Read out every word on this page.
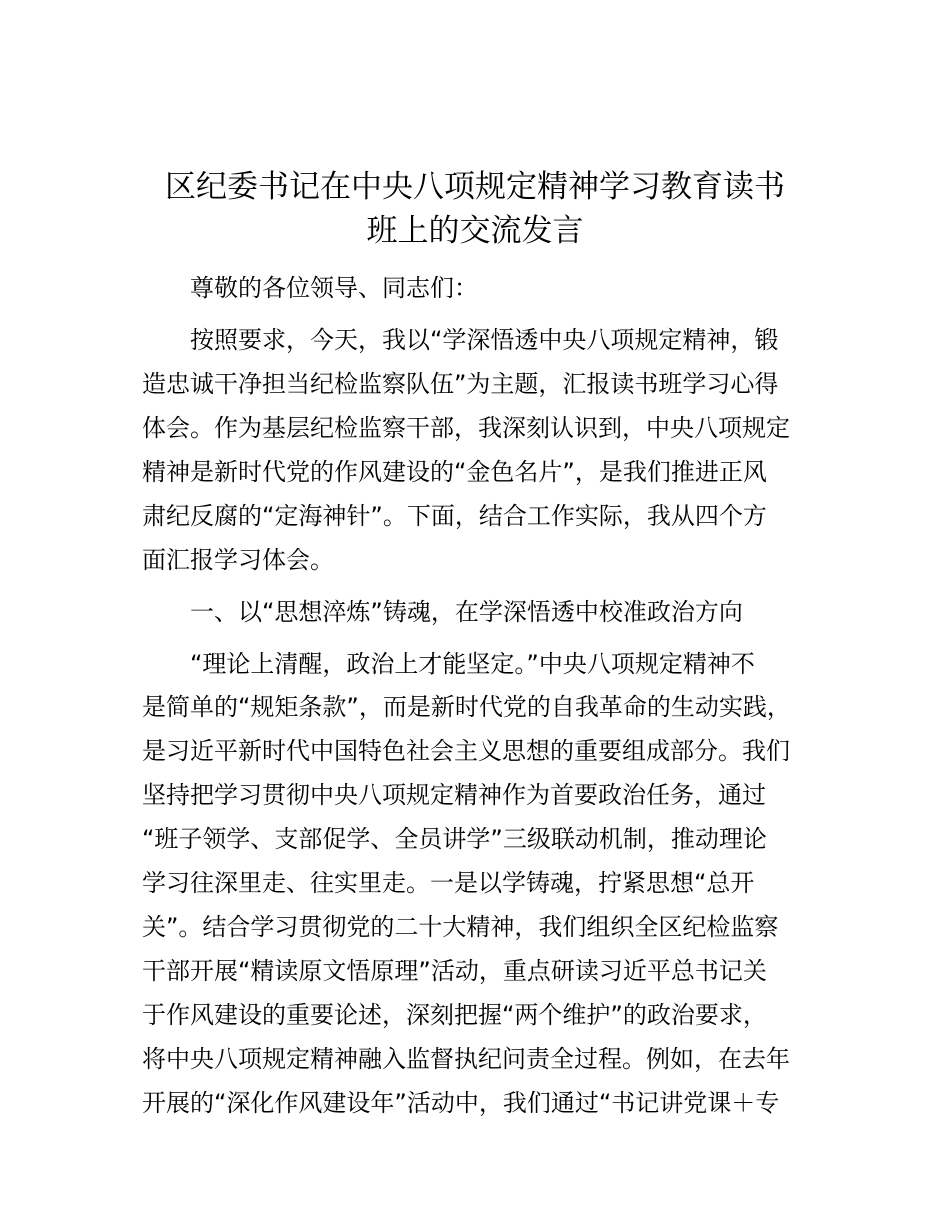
区纪委书记在中央八项规定精神学习教育读书
班上的交流发言
尊敬的各位领导、同志们：
按照要求，今天，我以“学深悟透中央八项规定精神，锻
造忠诚干净担当纪检监察队伍”为主题，汇报读书班学习心得
体会。作为基层纪检监察干部，我深刻认识到，中央八项规定
精神是新时代党的作风建设的“金色名片”，是我们推进正风
肃纪反腐的“定海神针”。下面，结合工作实际，我从四个方
面汇报学习体会。
一、以“思想淬炼”铸魂，在学深悟透中校准政治方向
“理论上清醒，政治上才能坚定。”中央八项规定精神不
是简单的“规矩条款”，而是新时代党的自我革命的生动实践，
是习近平新时代中国特色社会主义思想的重要组成部分。我们
坚持把学习贯彻中央八项规定精神作为首要政治任务，通过
“班子领学、支部促学、全员讲学”三级联动机制，推动理论
学习往深里走、往实里走。一是以学铸魂，拧紧思想“总开
关”。结合学习贯彻党的二十大精神，我们组织全区纪检监察
干部开展“精读原文悟原理”活动，重点研读习近平总书记关
于作风建设的重要论述，深刻把握“两个维护”的政治要求，
将中央八项规定精神融入监督执纪问责全过程。例如，在去年
开展的“深化作风建设年”活动中，我们通过“书记讲党课＋专
